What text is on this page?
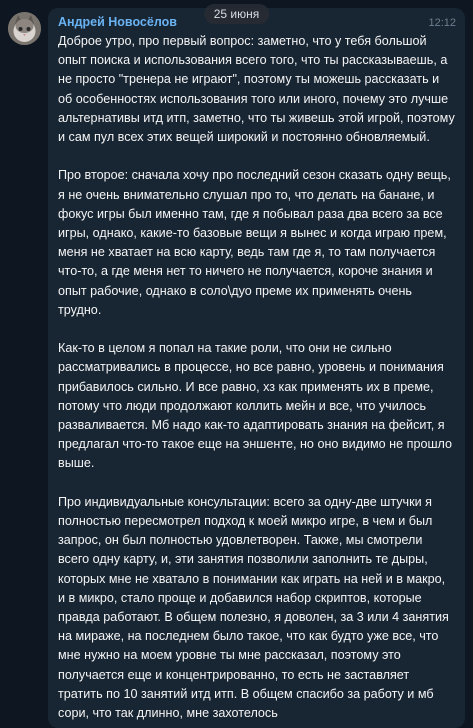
25 июня
Андрей Новосёлов	12:12

Доброе утро, про первый вопрос: заметно, что у тебя большой опыт поиска и использования всего того, что ты рассказываешь, а не просто "тренера не играют", поэтому ты можешь рассказать и об особенностях использования того или иного, почему это лучше альтернативы итд итп, заметно, что ты живешь этой игрой, поэтому и сам пул всех этих вещей широкий и постоянно обновляемый.

Про второе: сначала хочу про последний сезон сказать одну вещь, я не очень внимательно слушал про то, что делать на банане, и фокус игры был именно там, где я побывал раза два всего за все игры, однако, какие-то базовые вещи я вынес и когда играю прем, меня не хватает на всю карту, ведь там где я, то там получается что-то, а где меня нет то ничего не получается, короче знания и опыт рабочие, однако в соло\дуо преме их применять очень трудно.

Как-то в целом я попал на такие роли, что они не сильно рассматривались в процессе, но все равно, уровень и понимания прибавилось сильно. И все равно, хз как применять их в преме, потому что люди продолжают коллить мейн и все, что училось разваливается. Мб надо как-то адаптировать знания на фейсит, я предлагал что-то такое еще на эншенте, но оно видимо не прошло выше.

Про индивидуальные консультации: всего за одну-две штучки я полностью пересмотрел подход к моей микро игре, в чем и был запрос, он был полностью удовлетворен. Также, мы смотрели всего одну карту, и, эти занятия позволили заполнить те дыры, которых мне не хватало в понимании как играть на ней и в макро, и в микро, стало проще и добавился набор скриптов, которые правда работают. В общем полезно, я доволен, за 3 или 4 занятия на мираже, на последнем было такое, что как будто уже все, что мне нужно на моем уровне ты мне рассказал, поэтому это получается еще и концентрированно, то есть не заставляет тратить по 10 занятий итд итп. В общем спасибо за работу и мб сори, что так длинно, мне захотелось
